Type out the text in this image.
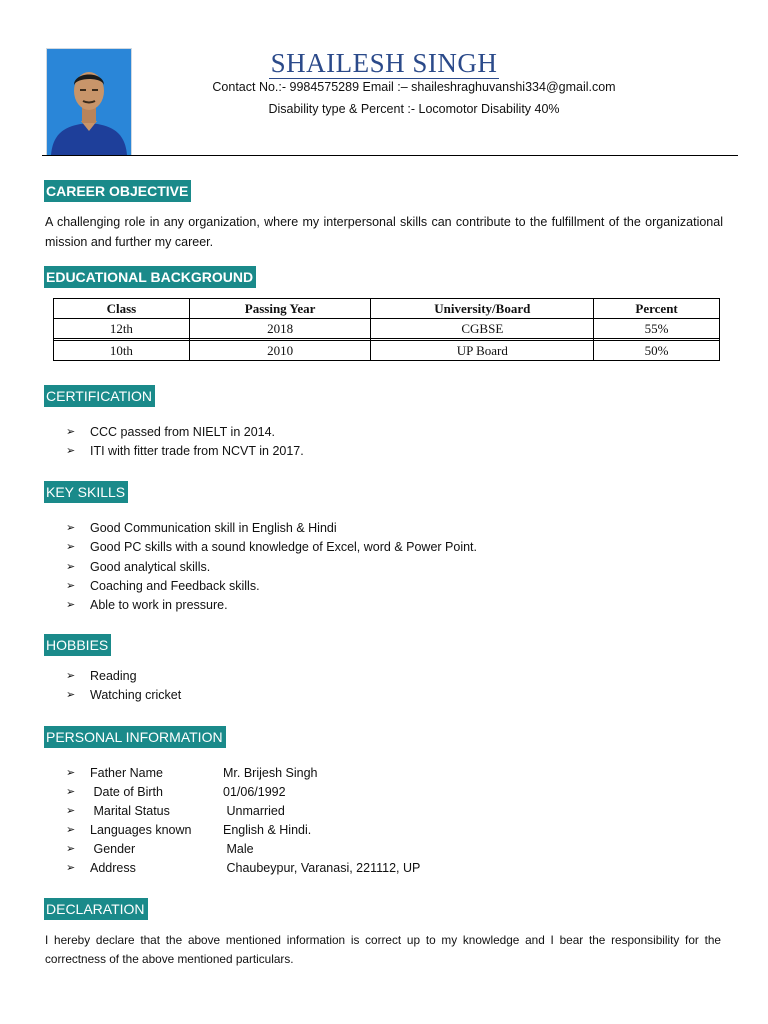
SHAILESH SINGH
Contact No.:- 9984575289 Email :– shaileshraghuvanshi334@gmail.com
Disability type & Percent :- Locomotor Disability 40%
CAREER OBJECTIVE
A challenging role in any organization, where my interpersonal skills can contribute to the fulfillment of the organizational mission and further my career.
EDUCATIONAL BACKGROUND
Class	Passing Year	University/Board	Percent
12th	2018	CGBSE	55%

10th	2010	UP Board	50%
CERTIFICATION
➢ CCC passed from NIELT in 2014.
➢ ITI with fitter trade from NCVT in 2017.
KEY SKILLS
➢ Good Communication skill in English & Hindi
➢ Good PC skills with a sound knowledge of Excel, word & Power Point.
➢ Good analytical skills.
➢ Coaching and Feedback skills.
➢ Able to work in pressure.
HOBBIES
➢ Reading
➢ Watching cricket
PERSONAL INFORMATION
➢ Father Name	Mr. Brijesh Singh
➢ Date of Birth	01/06/1992
➢ Marital Status	Unmarried
➢ Languages known	English & Hindi.
➢ Gender	Male
➢ Address	Chaubeypur, Varanasi, 221112, UP
DECLARATION
I hereby declare that the above mentioned information is correct up to my knowledge and I bear the responsibility for the correctness of the above mentioned particulars.
